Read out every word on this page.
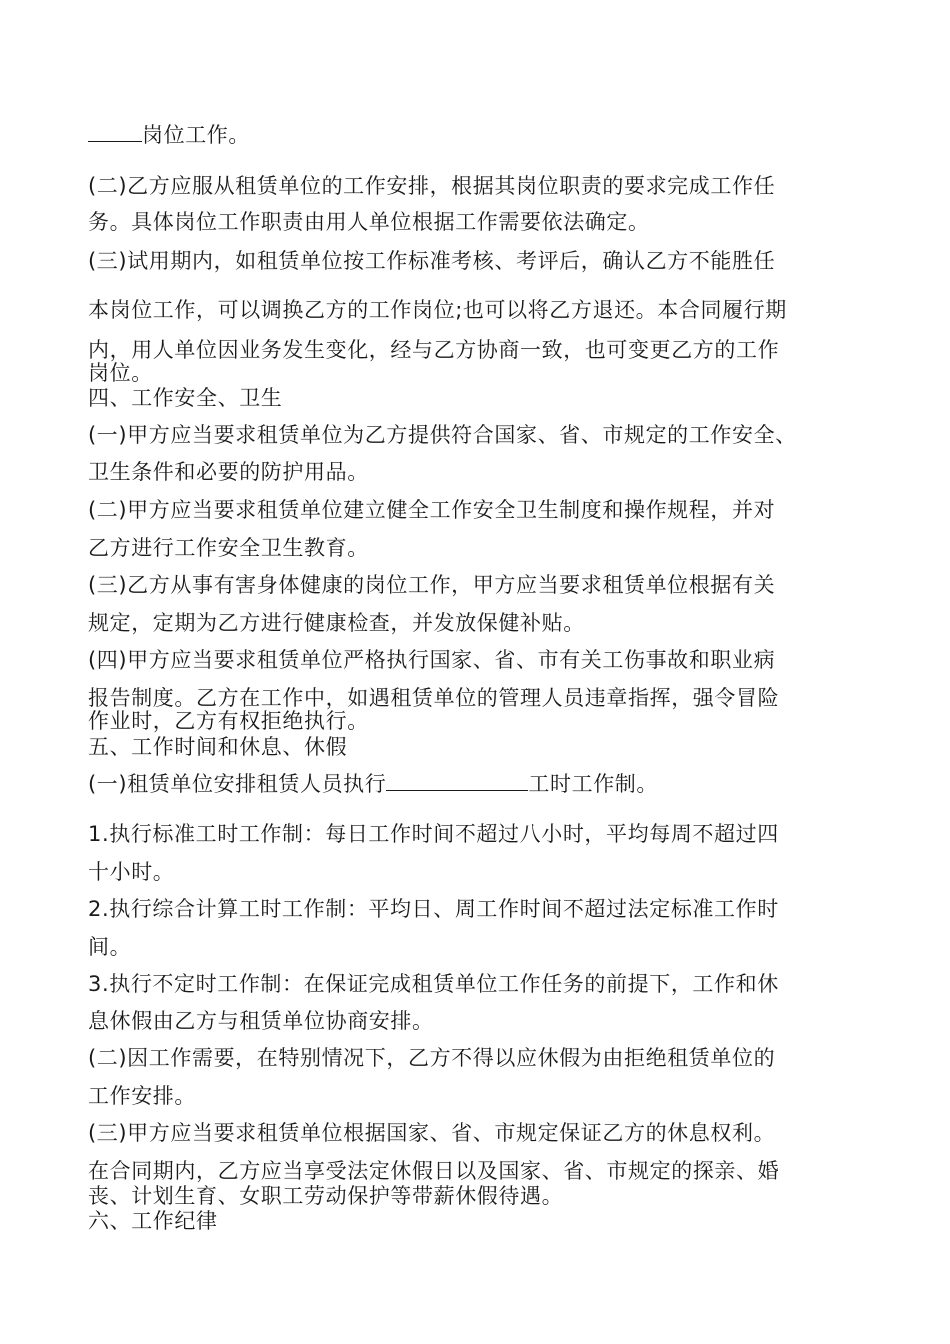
岗位工作。
(二)乙方应服从租赁单位的工作安排，根据其岗位职责的要求完成工作任
务。具体岗位工作职责由用人单位根据工作需要依法确定。
(三)试用期内，如租赁单位按工作标准考核、考评后，确认乙方不能胜任
本岗位工作，可以调换乙方的工作岗位;也可以将乙方退还。本合同履行期
内，用人单位因业务发生变化，经与乙方协商一致，也可变更乙方的工作
岗位。
四、工作安全、卫生
(一)甲方应当要求租赁单位为乙方提供符合国家、省、市规定的工作安全、
卫生条件和必要的防护用品。
(二)甲方应当要求租赁单位建立健全工作安全卫生制度和操作规程，并对
乙方进行工作安全卫生教育。
(三)乙方从事有害身体健康的岗位工作，甲方应当要求租赁单位根据有关
规定，定期为乙方进行健康检查，并发放保健补贴。
(四)甲方应当要求租赁单位严格执行国家、省、市有关工伤事故和职业病
报告制度。乙方在工作中，如遇租赁单位的管理人员违章指挥，强令冒险
作业时，乙方有权拒绝执行。
五、工作时间和休息、休假
(一)租赁单位安排租赁人员执行	工时工作制。
1.执行标准工时工作制：每日工作时间不超过八小时，平均每周不超过四
十小时。
2.执行综合计算工时工作制：平均日、周工作时间不超过法定标准工作时
间。
3.执行不定时工作制：在保证完成租赁单位工作任务的前提下，工作和休
息休假由乙方与租赁单位协商安排。
(二)因工作需要，在特别情况下，乙方不得以应休假为由拒绝租赁单位的
工作安排。
(三)甲方应当要求租赁单位根据国家、省、市规定保证乙方的休息权利。
在合同期内，乙方应当享受法定休假日以及国家、省、市规定的探亲、婚
丧、计划生育、女职工劳动保护等带薪休假待遇。
六、工作纪律
